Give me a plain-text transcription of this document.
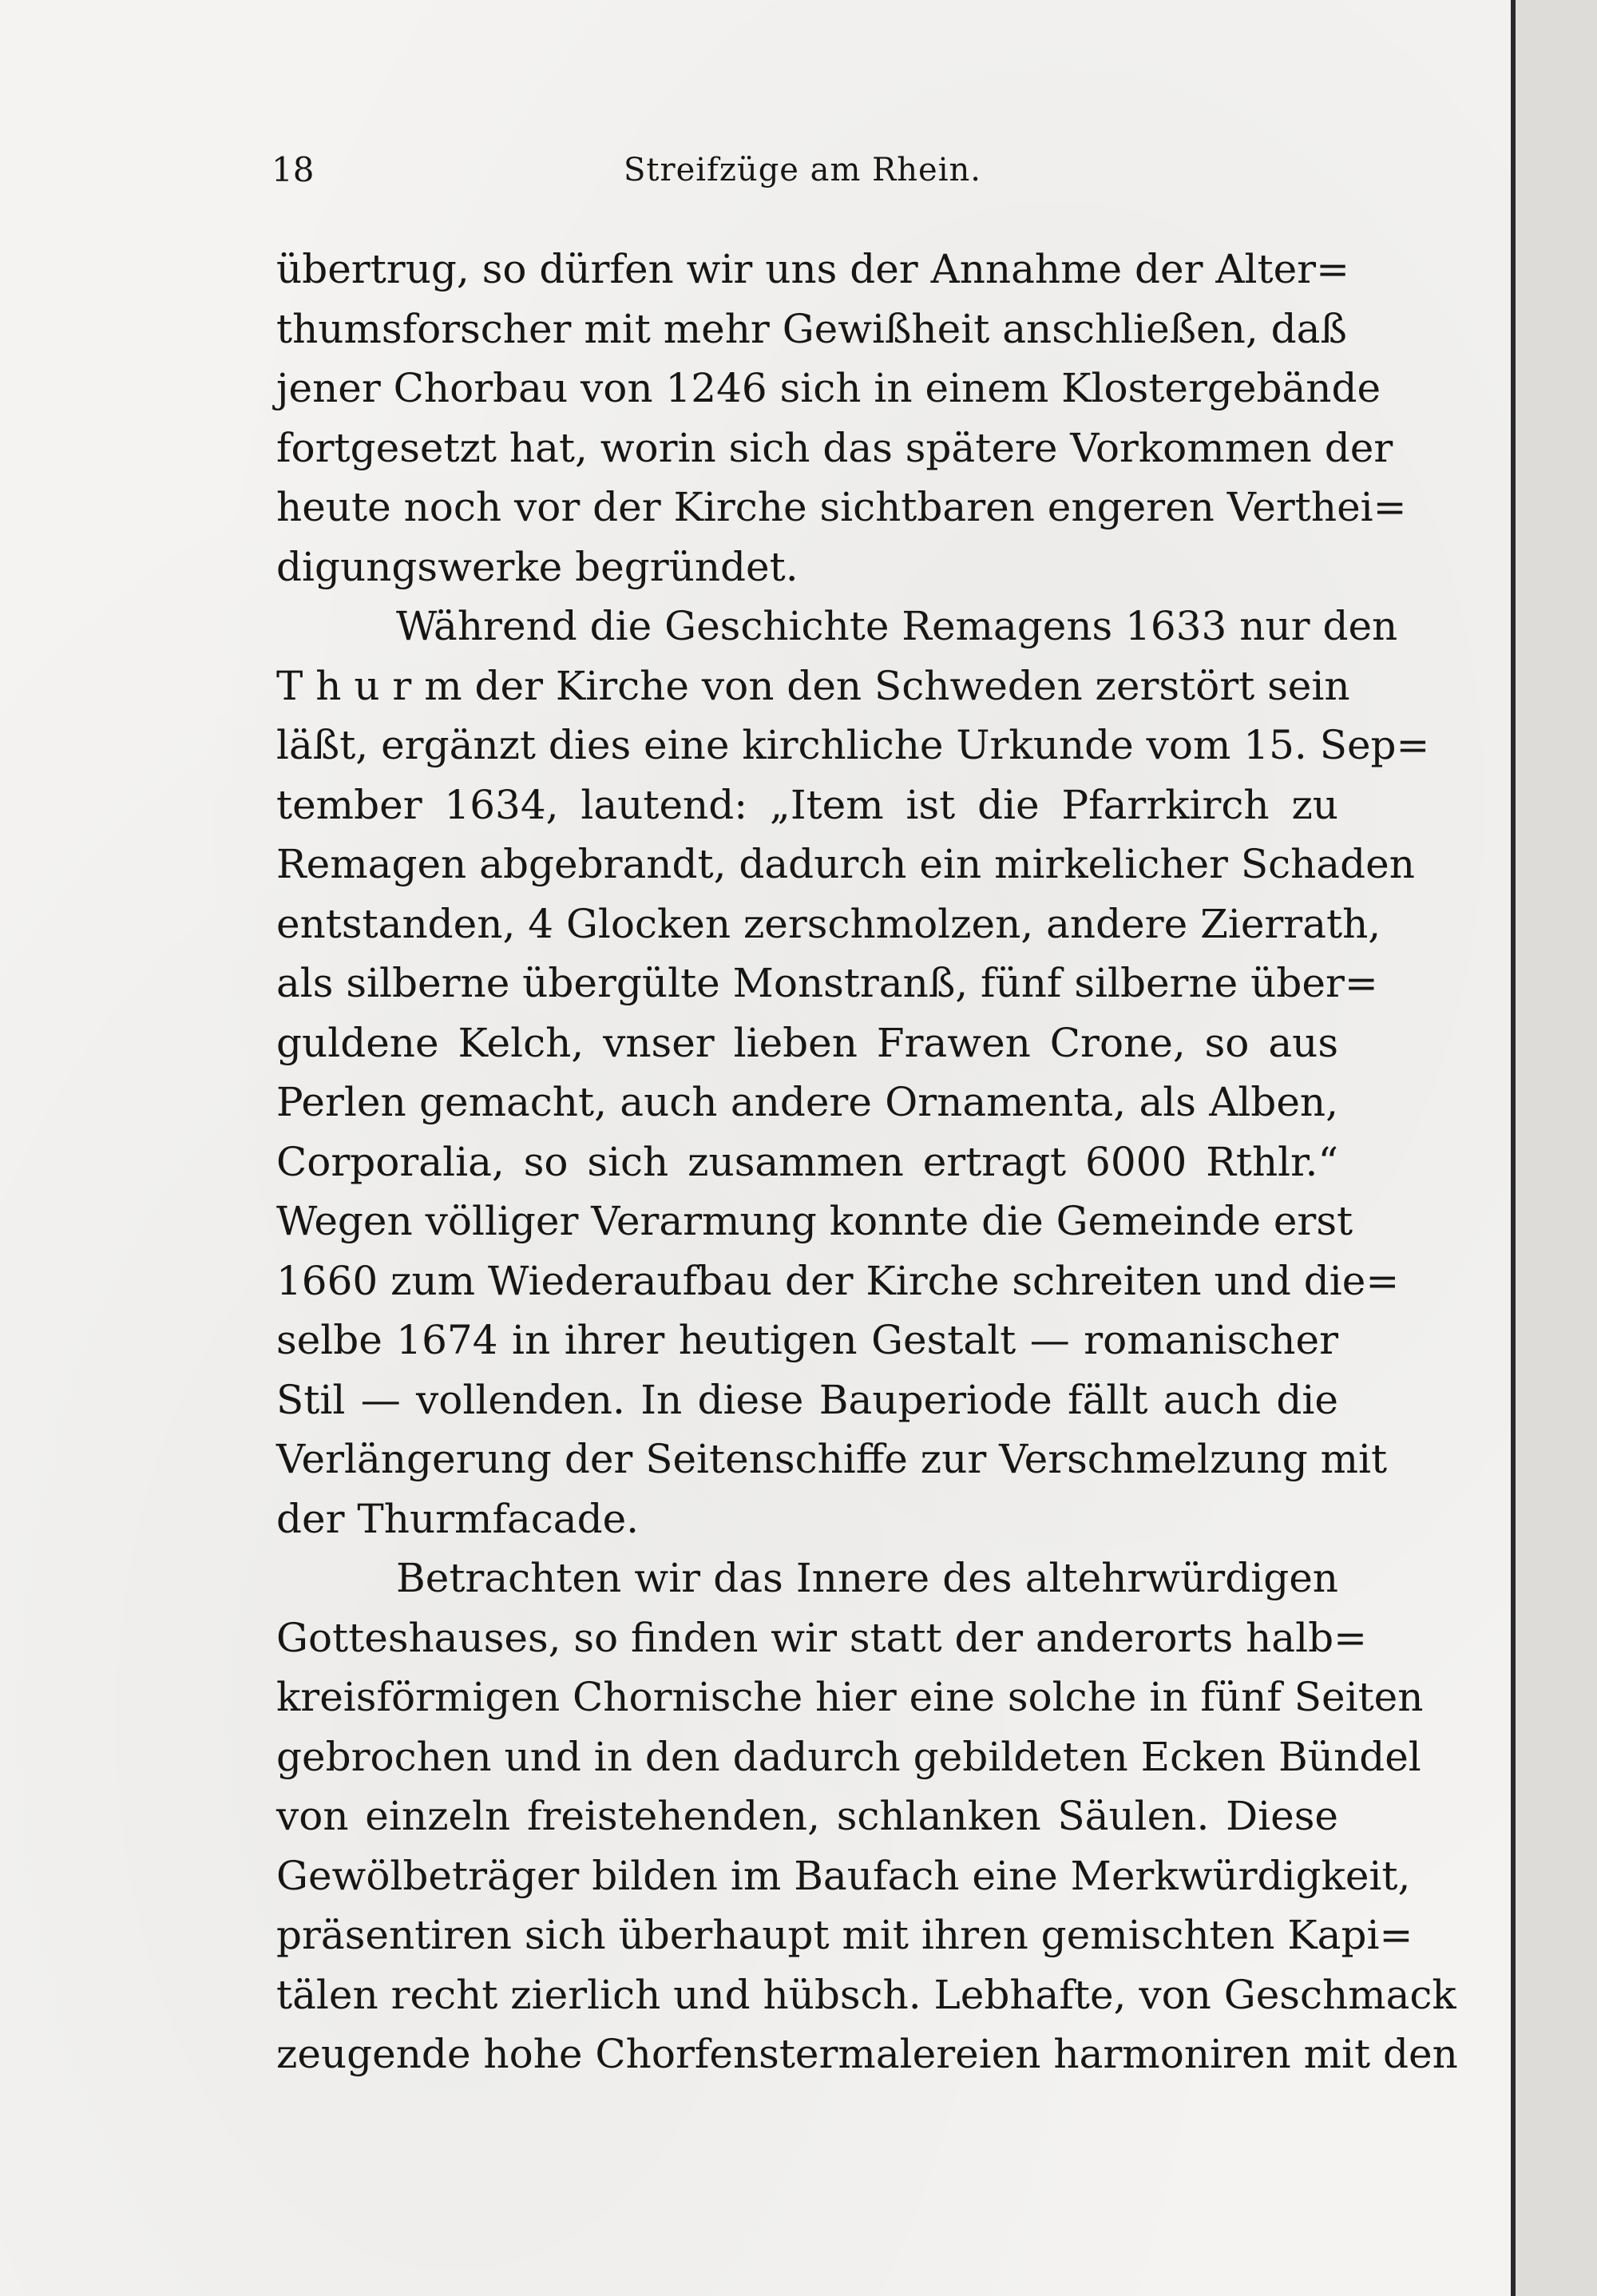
18	Streifzüge am Rhein.
übertrug, so dürfen wir uns der Annahme der Alter=
thumsforscher mit mehr Gewißheit anschließen, daß
jener Chorbau von 1246 sich in einem Klostergebände
fortgesetzt hat, worin sich das spätere Vorkommen der
heute noch vor der Kirche sichtbaren engeren Verthei=
digungswerke begründet.
Während die Geschichte Remagens 1633 nur den
T h u r m der Kirche von den Schweden zerstört sein
läßt, ergänzt dies eine kirchliche Urkunde vom 15. Sep=
tember 1634, lautend: „Item ist die Pfarrkirch zu
Remagen abgebrandt, dadurch ein mirkelicher Schaden
entstanden, 4 Glocken zerschmolzen, andere Zierrath,
als silberne übergülte Monstranß, fünf silberne über=
guldene Kelch, vnser lieben Frawen Crone, so aus
Perlen gemacht, auch andere Ornamenta, als Alben,
Corporalia, so sich zusammen ertragt 6000 Rthlr.“
Wegen völliger Verarmung konnte die Gemeinde erst
1660 zum Wiederaufbau der Kirche schreiten und die=
selbe 1674 in ihrer heutigen Gestalt — romanischer
Stil — vollenden. In diese Bauperiode fällt auch die
Verlängerung der Seitenschiffe zur Verschmelzung mit
der Thurmfacade.
Betrachten wir das Innere des altehrwürdigen
Gotteshauses, so finden wir statt der anderorts halb=
kreisförmigen Chornische hier eine solche in fünf Seiten
gebrochen und in den dadurch gebildeten Ecken Bündel
von einzeln freistehenden, schlanken Säulen. Diese
Gewölbeträger bilden im Baufach eine Merkwürdigkeit,
präsentiren sich überhaupt mit ihren gemischten Kapi=
tälen recht zierlich und hübsch. Lebhafte, von Geschmack
zeugende hohe Chorfenstermalereien harmoniren mit den
